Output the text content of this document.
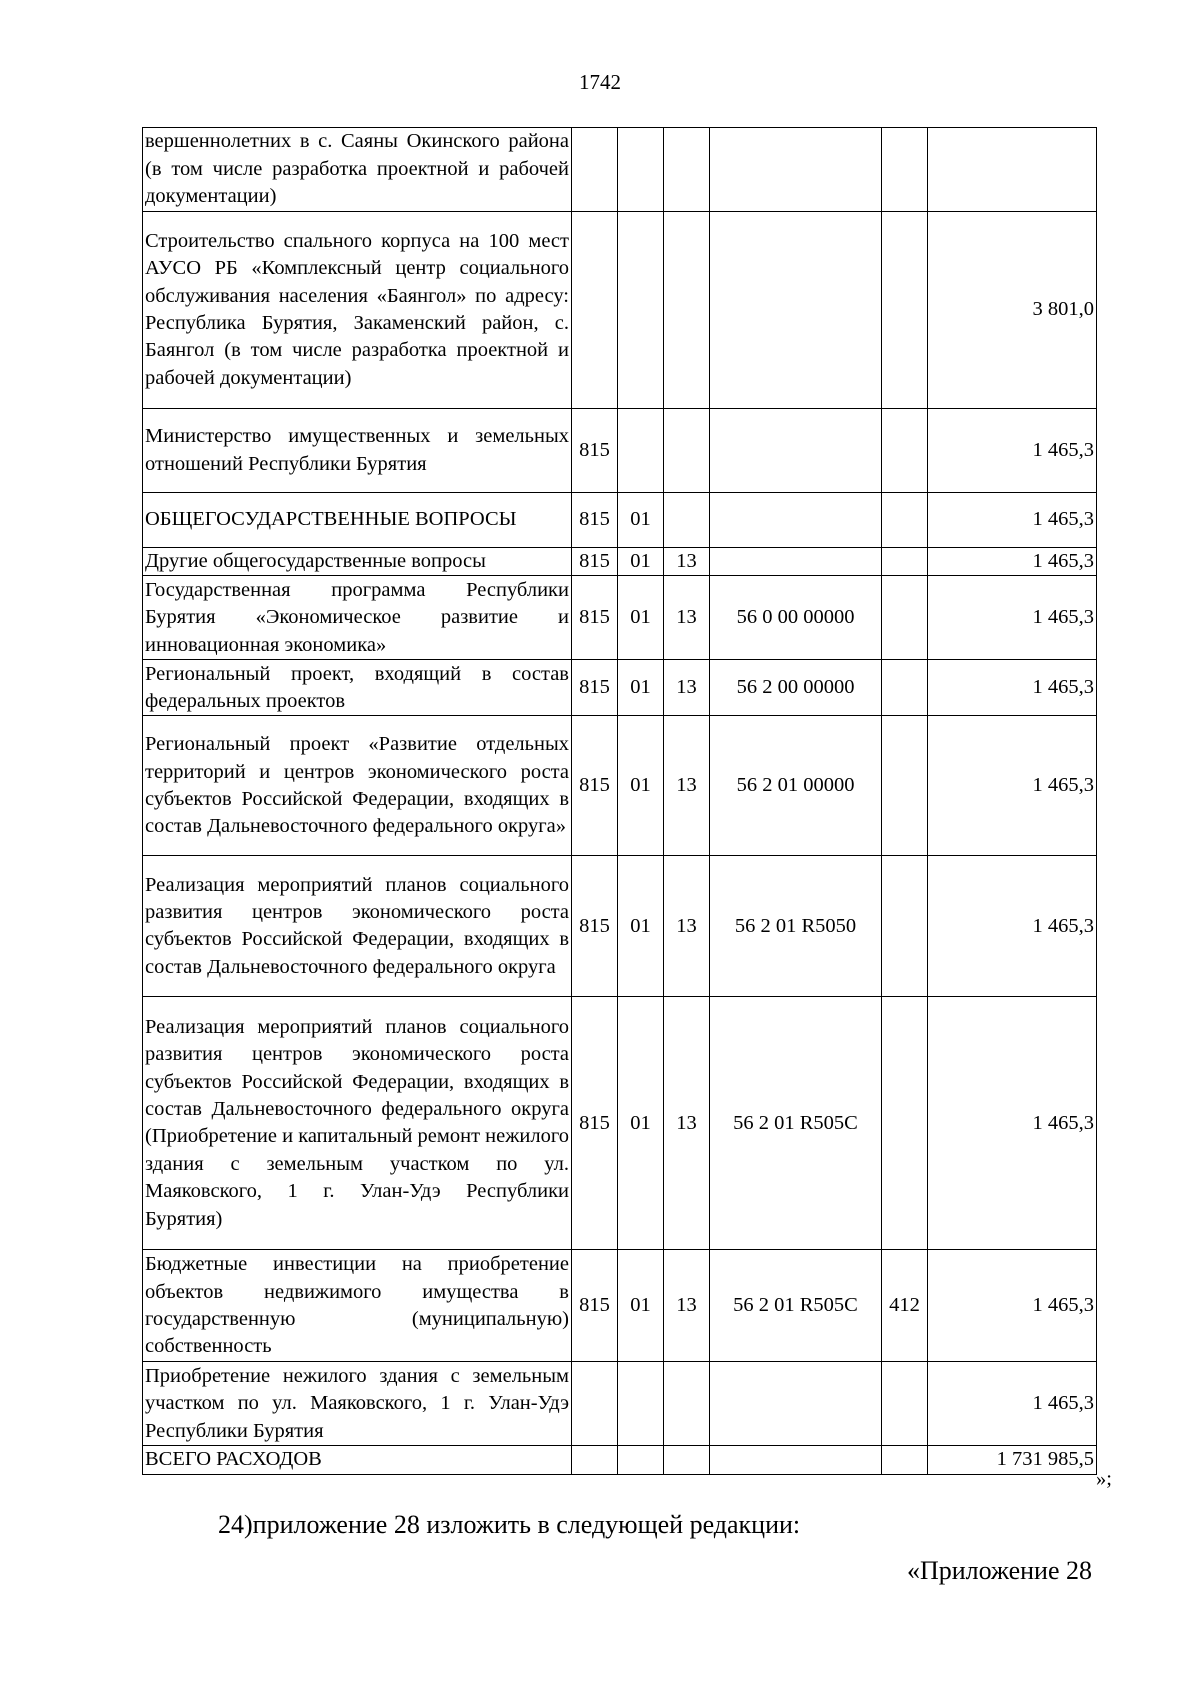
1742
вершеннолетних в с. Саяны Окинского района (в том числе разработка проектной и рабочей документации)						
Строительство спального корпуса на 100 мест АУСО РБ «Комплексный центр социального обслуживания населения «Баянгол» по адресу: Республика Бурятия, Закаменский район, с. Баянгол (в том числе разработка проектной и рабочей документации)						3 801,0
Министерство имущественных и земельных отношений Республики Бурятия	815					1 465,3
ОБЩЕГОСУДАРСТВЕННЫЕ ВОПРОСЫ	815	01				1 465,3
Другие общегосударственные вопросы	815	01	13			1 465,3
Государственная программа Республики Бурятия «Экономическое развитие и инновационная экономика»	815	01	13	56 0 00 00000		1 465,3
Региональный проект, входящий в состав федеральных проектов	815	01	13	56 2 00 00000		1 465,3
Региональный проект «Развитие отдельных территорий и центров экономического роста субъектов Российской Федерации, входящих в состав Дальневосточного федерального округа»	815	01	13	56 2 01 00000		1 465,3
Реализация мероприятий планов социального развития центров экономического роста субъектов Российской Федерации, входящих в состав Дальневосточного федерального округа	815	01	13	56 2 01 R5050		1 465,3
Реализация мероприятий планов социального развития центров экономического роста субъектов Российской Федерации, входящих в состав Дальневосточного федерального округа (Приобретение и капитальный ремонт нежилого здания с земельным участком по ул. Маяковского, 1 г. Улан-Удэ Республики Бурятия)	815	01	13	56 2 01 R505C		1 465,3
Бюджетные инвестиции на приобретение объектов недвижимого имущества в государственную (муниципальную) собственность	815	01	13	56 2 01 R505C	412	1 465,3
Приобретение нежилого здания с земельным участком по ул. Маяковского, 1 г. Улан-Удэ Республики Бурятия						1 465,3
ВСЕГО РАСХОДОВ						1 731 985,5
»;
24)приложение 28 изложить в следующей редакции:
«Приложение 28
